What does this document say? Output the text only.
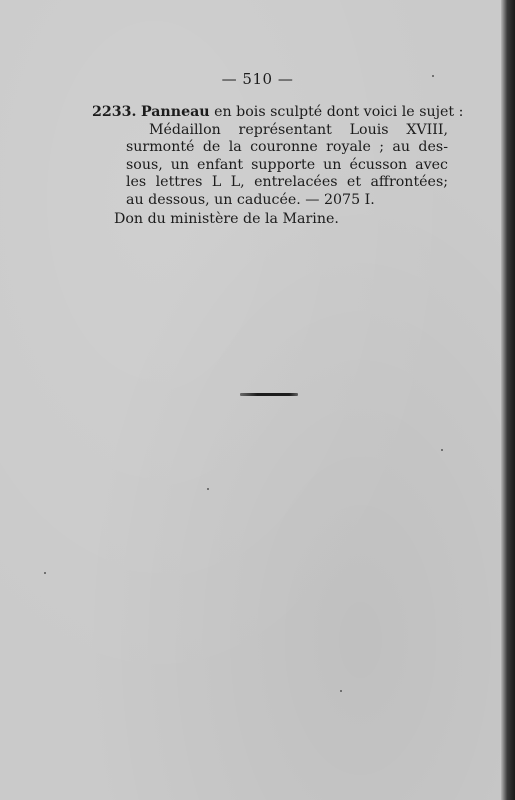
— 510 —
2233. Panneau en bois sculpté dont voici le sujet :
Médaillon représentant Louis XVIII,
surmonté de la couronne royale ; au des-
sous, un enfant supporte un écusson avec
les lettres L L, entrelacées et affrontées;
au dessous, un caducée. — 2075 I.
Don du ministère de la Marine.
